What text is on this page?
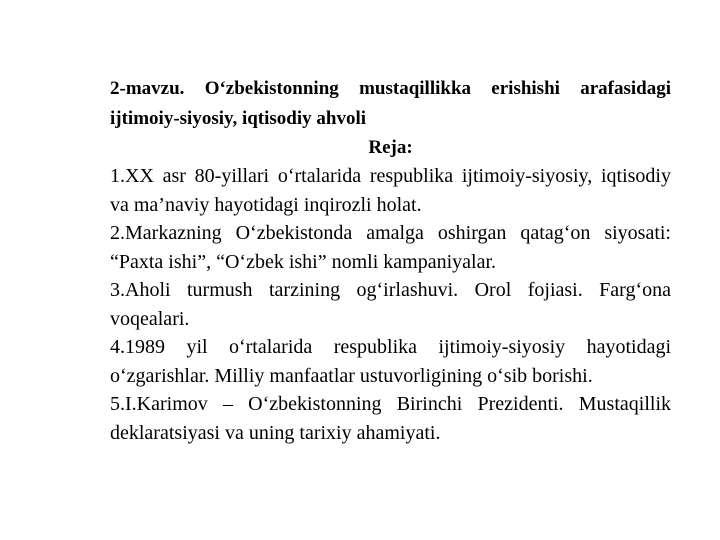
2-mavzu. O‘zbekistonning mustaqillikka erishishi arafasidagi ijtimoiy-siyosiy, iqtisodiy ahvoli

Reja:

1.XX asr 80-yillari o‘rtalarida respublika ijtimoiy-siyosiy, iqtisodiy va ma’naviy hayotidagi inqirozli holat.
2.Markazning O‘zbekistonda amalga oshirgan qatag‘on siyosati: “Paxta ishi”, “O‘zbek ishi” nomli kampaniyalar.
3.Aholi turmush tarzining og‘irlashuvi. Orol fojiasi. Farg‘ona voqealari.
4.1989 yil o‘rtalarida respublika ijtimoiy-siyosiy hayotidagi o‘zgarishlar. Milliy manfaatlar ustuvorligining o‘sib borishi.
5.I.Karimov – O‘zbekistonning Birinchi Prezidenti. Mustaqillik deklaratsiyasi va uning tarixiy ahamiyati.
